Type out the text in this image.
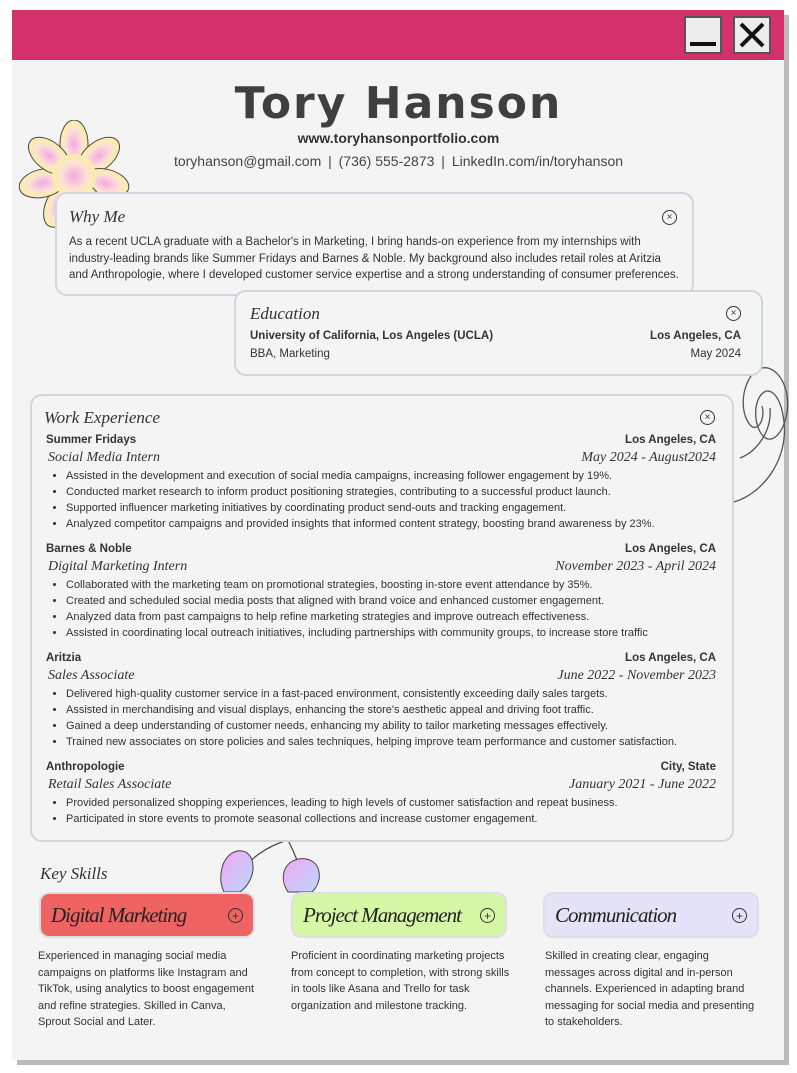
Tory Hanson
www.toryhansonportfolio.com
toryhanson@gmail.com | (736) 555-2873 | LinkedIn.com/in/toryhanson
Why Me	×
As a recent UCLA graduate with a Bachelor's in Marketing, I bring hands-on experience from my internships with industry-leading brands like Summer Fridays and Barnes & Noble. My background also includes retail roles at Aritzia and Anthropologie, where I developed customer service expertise and a strong understanding of consumer preferences.
Education	×
University of California, Los Angeles (UCLA)	Los Angeles, CA
BBA, Marketing	May 2024
Work Experience	×
Summer Fridays	Los Angeles, CA
Social Media Intern	May 2024 - August2024
• Assisted in the development and execution of social media campaigns, increasing follower engagement by 19%.
• Conducted market research to inform product positioning strategies, contributing to a successful product launch.
• Supported influencer marketing initiatives by coordinating product send-outs and tracking engagement.
• Analyzed competitor campaigns and provided insights that informed content strategy, boosting brand awareness by 23%.
Barnes & Noble	Los Angeles, CA
Digital Marketing Intern	November 2023 - April 2024
• Collaborated with the marketing team on promotional strategies, boosting in-store event attendance by 35%.
• Created and scheduled social media posts that aligned with brand voice and enhanced customer engagement.
• Analyzed data from past campaigns to help refine marketing strategies and improve outreach effectiveness.
• Assisted in coordinating local outreach initiatives, including partnerships with community groups, to increase store traffic
Aritzia	Los Angeles, CA
Sales Associate	June 2022 - November 2023
• Delivered high-quality customer service in a fast-paced environment, consistently exceeding daily sales targets.
• Assisted in merchandising and visual displays, enhancing the store's aesthetic appeal and driving foot traffic.
• Gained a deep understanding of customer needs, enhancing my ability to tailor marketing messages effectively.
• Trained new associates on store policies and sales techniques, helping improve team performance and customer satisfaction.
Anthropologie	City, State
Retail Sales Associate	January 2021 - June 2022
• Provided personalized shopping experiences, leading to high levels of customer satisfaction and repeat business.
• Participated in store events to promote seasonal collections and increase customer engagement.
Key Skills
Digital Marketing	+	Project Management	+	Communication	+
Experienced in managing social media campaigns on platforms like Instagram and TikTok, using analytics to boost engagement and refine strategies. Skilled in Canva, Sprout Social and Later.
Proficient in coordinating marketing projects from concept to completion, with strong skills in tools like Asana and Trello for task organization and milestone tracking.
Skilled in creating clear, engaging messages across digital and in-person channels. Experienced in adapting brand messaging for social media and presenting to stakeholders.
